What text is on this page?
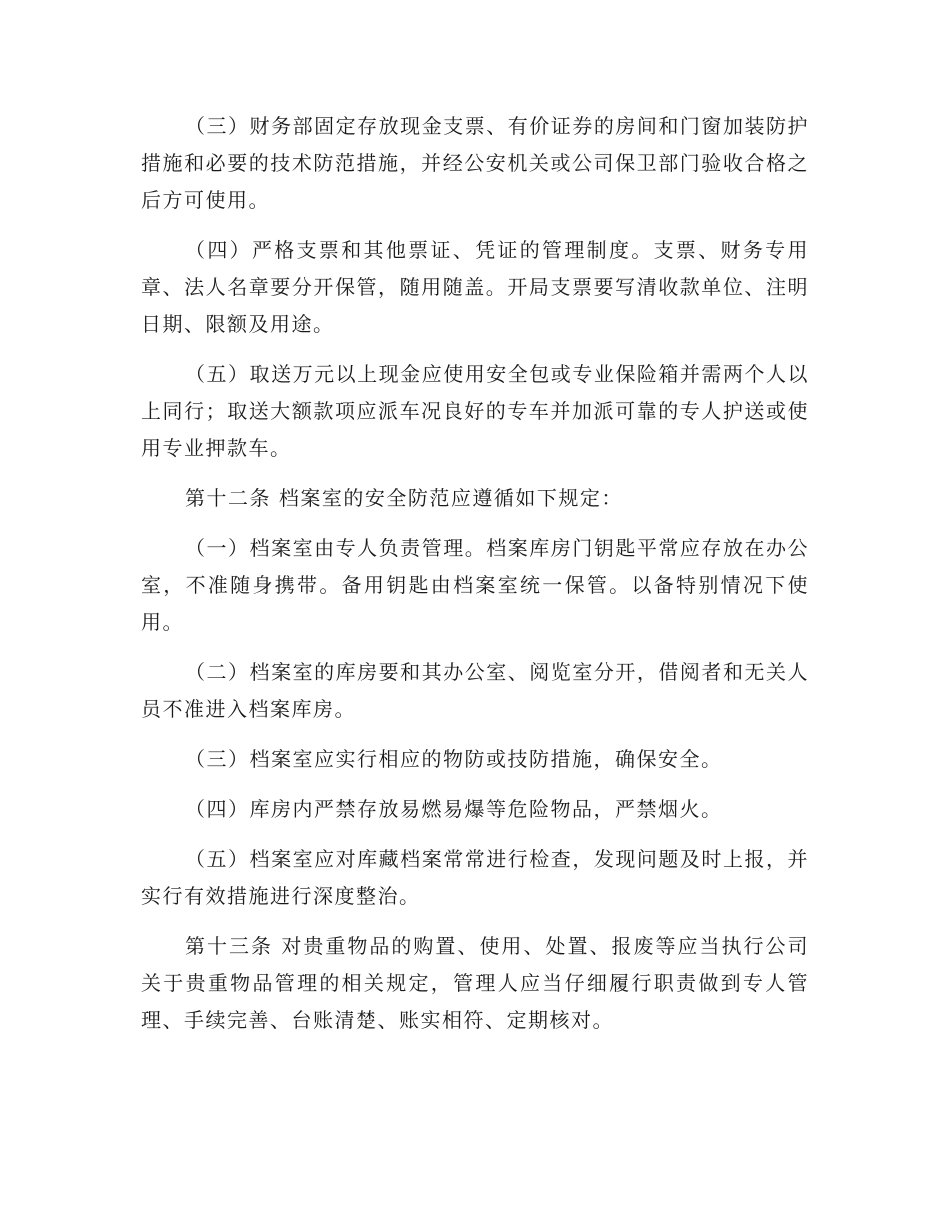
（三）财务部固定存放现金支票、有价证券的房间和门窗加装防护措施和必要的技术防范措施，并经公安机关或公司保卫部门验收合格之后方可使用。

（四）严格支票和其他票证、凭证的管理制度。支票、财务专用章、法人名章要分开保管，随用随盖。开局支票要写清收款单位、注明日期、限额及用途。

（五）取送万元以上现金应使用安全包或专业保险箱并需两个人以上同行；取送大额款项应派车况良好的专车并加派可靠的专人护送或使用专业押款车。

第十二条 档案室的安全防范应遵循如下规定：

（一）档案室由专人负责管理。档案库房门钥匙平常应存放在办公室，不准随身携带。备用钥匙由档案室统一保管。以备特别情况下使用。

（二）档案室的库房要和其办公室、阅览室分开，借阅者和无关人员不准进入档案库房。

（三）档案室应实行相应的物防或技防措施，确保安全。

（四）库房内严禁存放易燃易爆等危险物品，严禁烟火。

（五）档案室应对库藏档案常常进行检查，发现问题及时上报，并实行有效措施进行深度整治。

第十三条 对贵重物品的购置、使用、处置、报废等应当执行公司关于贵重物品管理的相关规定，管理人应当仔细履行职责做到专人管理、手续完善、台账清楚、账实相符、定期核对。
